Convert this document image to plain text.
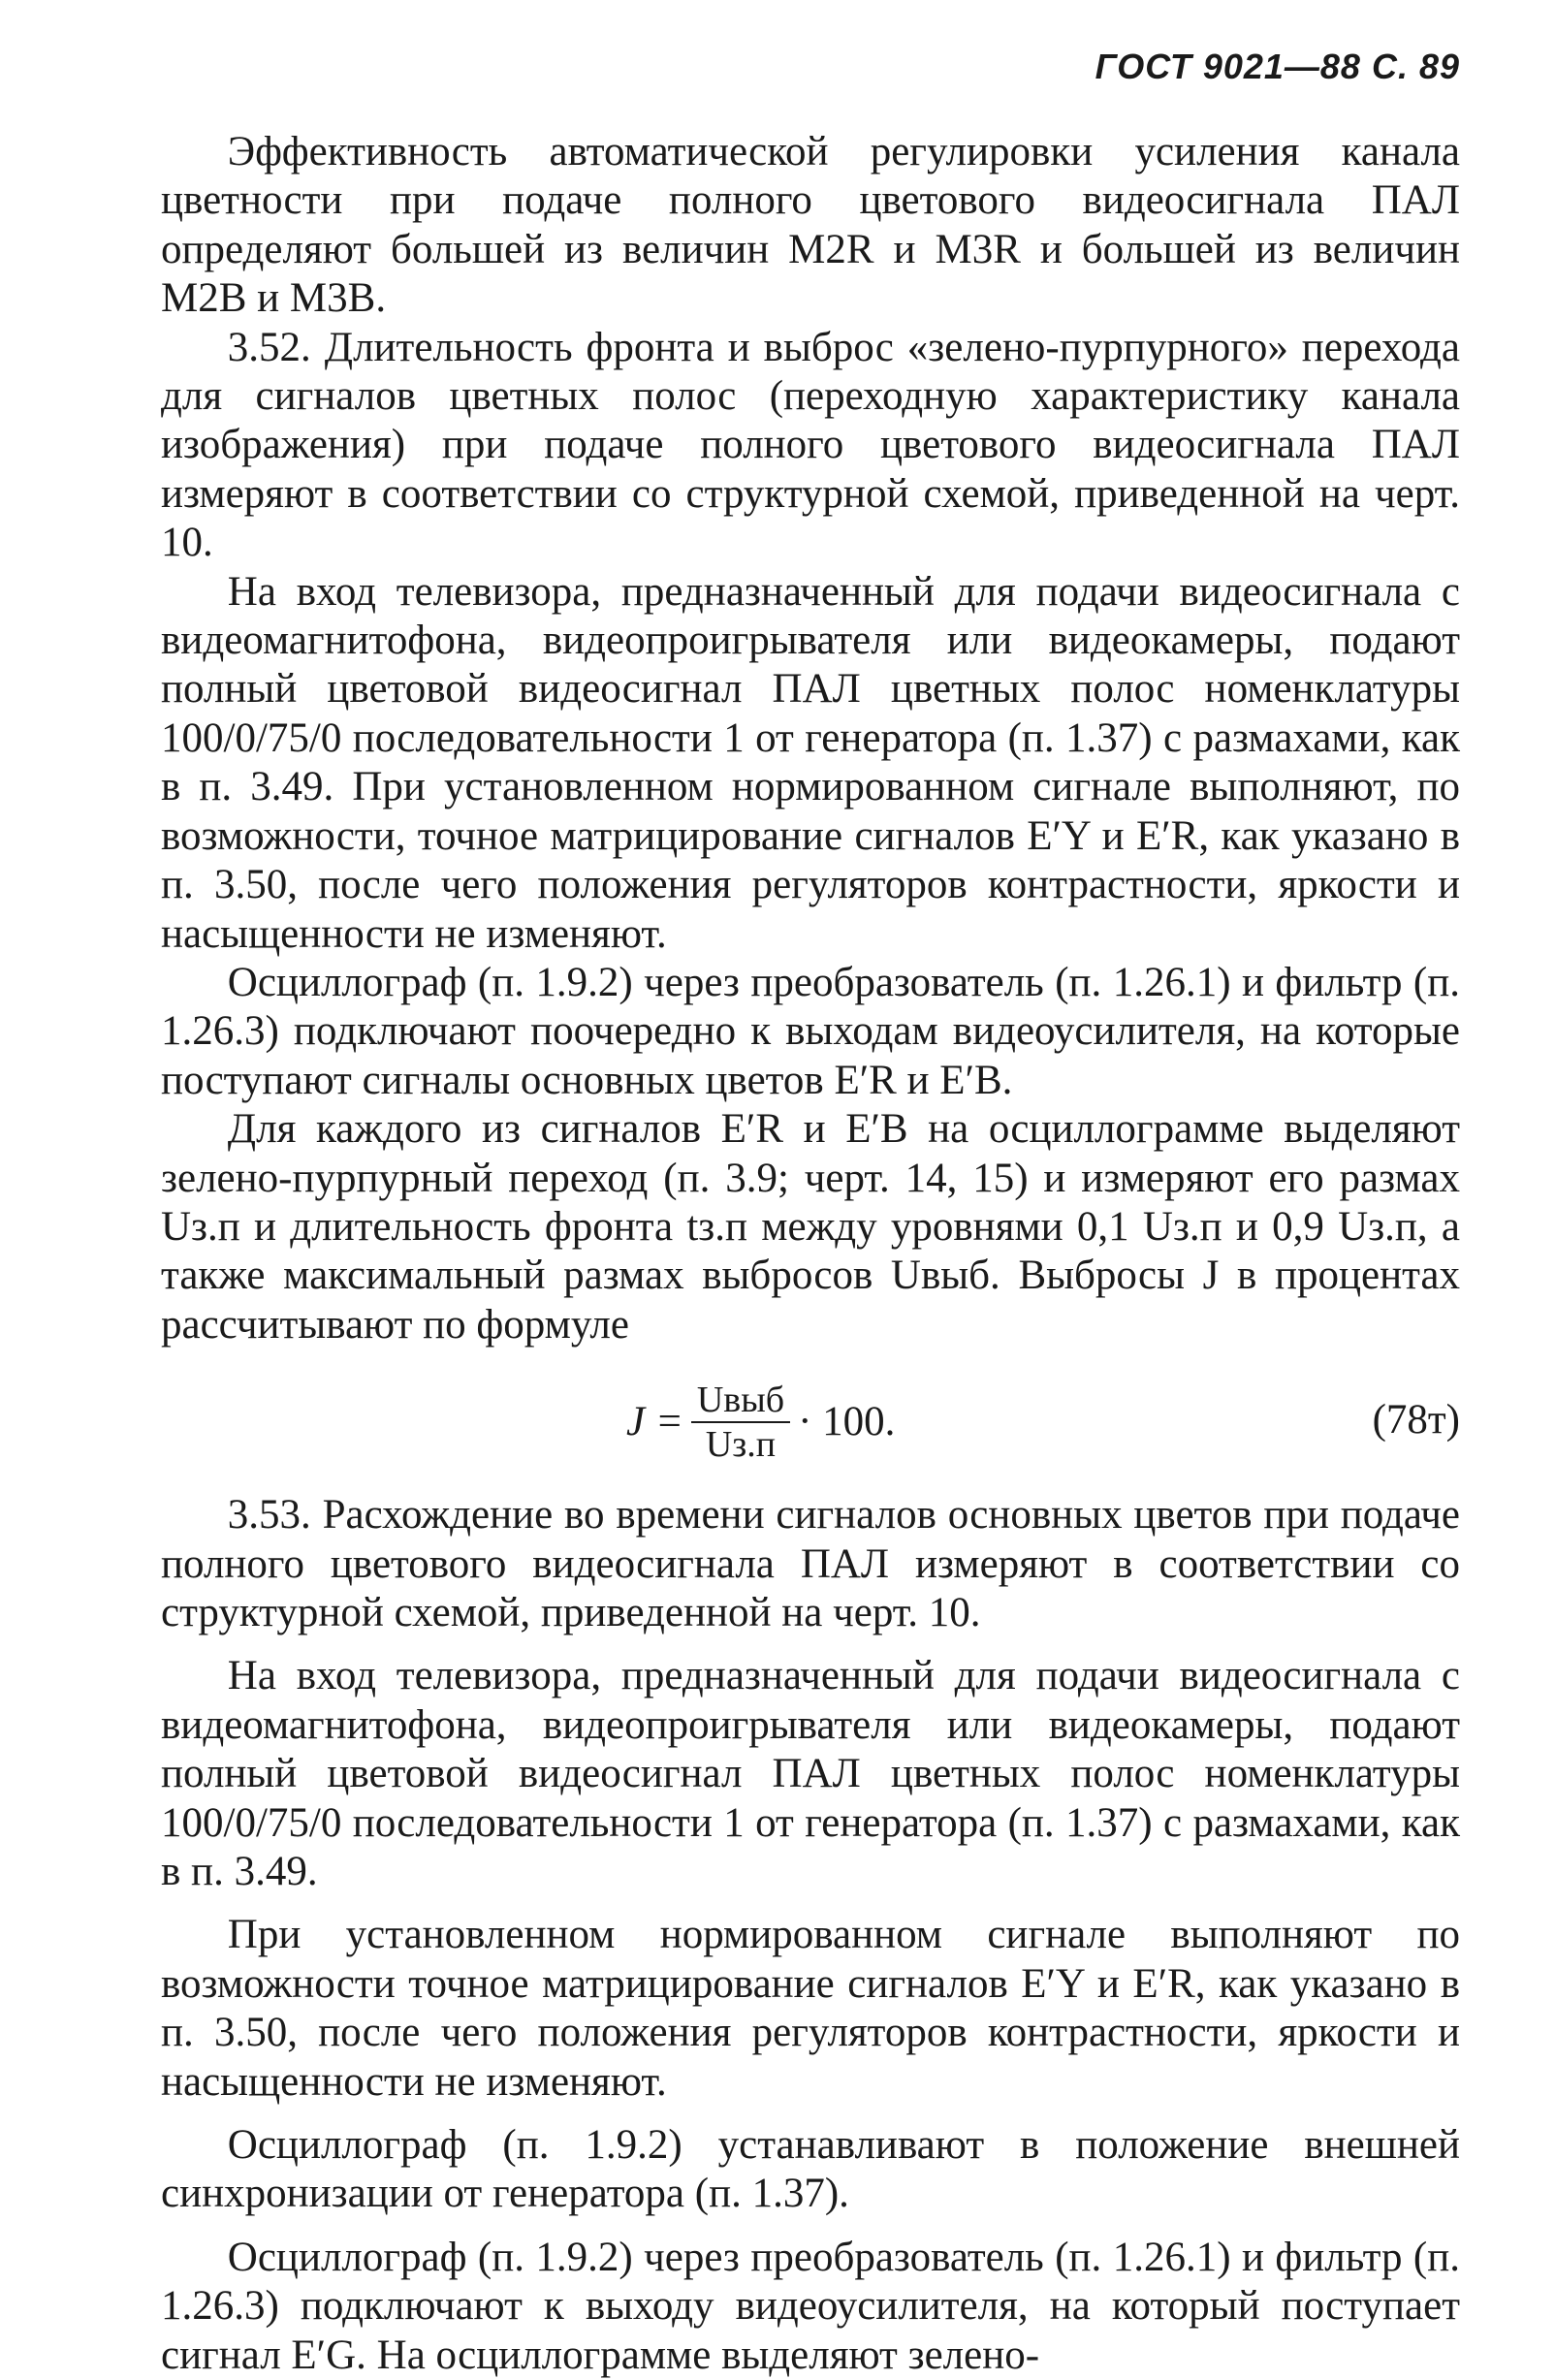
ГОСТ 9021—88 С. 89

Эффективность автоматической регулировки усиления канала цветности при подаче полного цветового видеосигнала ПАЛ определяют большей из величин M2R и M3R и большей из величин M2B и M3B.

3.52. Длительность фронта и выброс «зелено-пурпурного» перехода для сигналов цветных полос (переходную характеристику канала изображения) при подаче полного цветового видеосигнала ПАЛ измеряют в соответствии со структурной схемой, приведенной на черт. 10.

На вход телевизора, предназначенный для подачи видеосигнала с видеомагнитофона, видеопроигрывателя или видеокамеры, подают полный цветовой видеосигнал ПАЛ цветных полос номенклатуры 100/0/75/0 последовательности 1 от генератора (п. 1.37) с размахами, как в п. 3.49. При установленном нормированном сигнале выполняют, по возможности, точное матрицирование сигналов E′Y и E′R, как указано в п. 3.50, после чего положения регуляторов контрастности, яркости и насыщенности не изменяют.

Осциллограф (п. 1.9.2) через преобразователь (п. 1.26.1) и фильтр (п. 1.26.3) подключают поочередно к выходам видеоусилителя, на которые поступают сигналы основных цветов E′R и E′B.

Для каждого из сигналов E′R и E′B на осциллограмме выделяют зелено-пурпурный переход (п. 3.9; черт. 14, 15) и измеряют его размах Uз.п и длительность фронта tз.п между уровнями 0,1 Uз.п и 0,9 Uз.п, а также максимальный размах выбросов Uвыб. Выбросы J в процентах рассчитывают по формуле

$J = \frac{\text{Uвыб}}{Uз.п} \cdot 100$.	(78т)

3.53. Расхождение во времени сигналов основных цветов при подаче полного цветового видеосигнала ПАЛ измеряют в соответствии со структурной схемой, приведенной на черт. 10.

На вход телевизора, предназначенный для подачи видеосигнала с видеомагнитофона, видеопроигрывателя или видеокамеры, подают полный цветовой видеосигнал ПАЛ цветных полос номенклатуры 100/0/75/0 последовательности 1 от генератора (п. 1.37) с размахами, как в п. 3.49.

При установленном нормированном сигнале выполняют по возможности точное матрицирование сигналов E′Y и E′R, как указано в п. 3.50, после чего положения регуляторов контрастности, яркости и насыщенности не изменяют.

Осциллограф (п. 1.9.2) устанавливают в положение внешней синхронизации от генератора (п. 1.37).

Осциллограф (п. 1.9.2) через преобразователь (п. 1.26.1) и фильтр (п. 1.26.3) подключают к выходу видеоусилителя, на который поступает сигнал E′G. На осциллограмме выделяют зелено-
